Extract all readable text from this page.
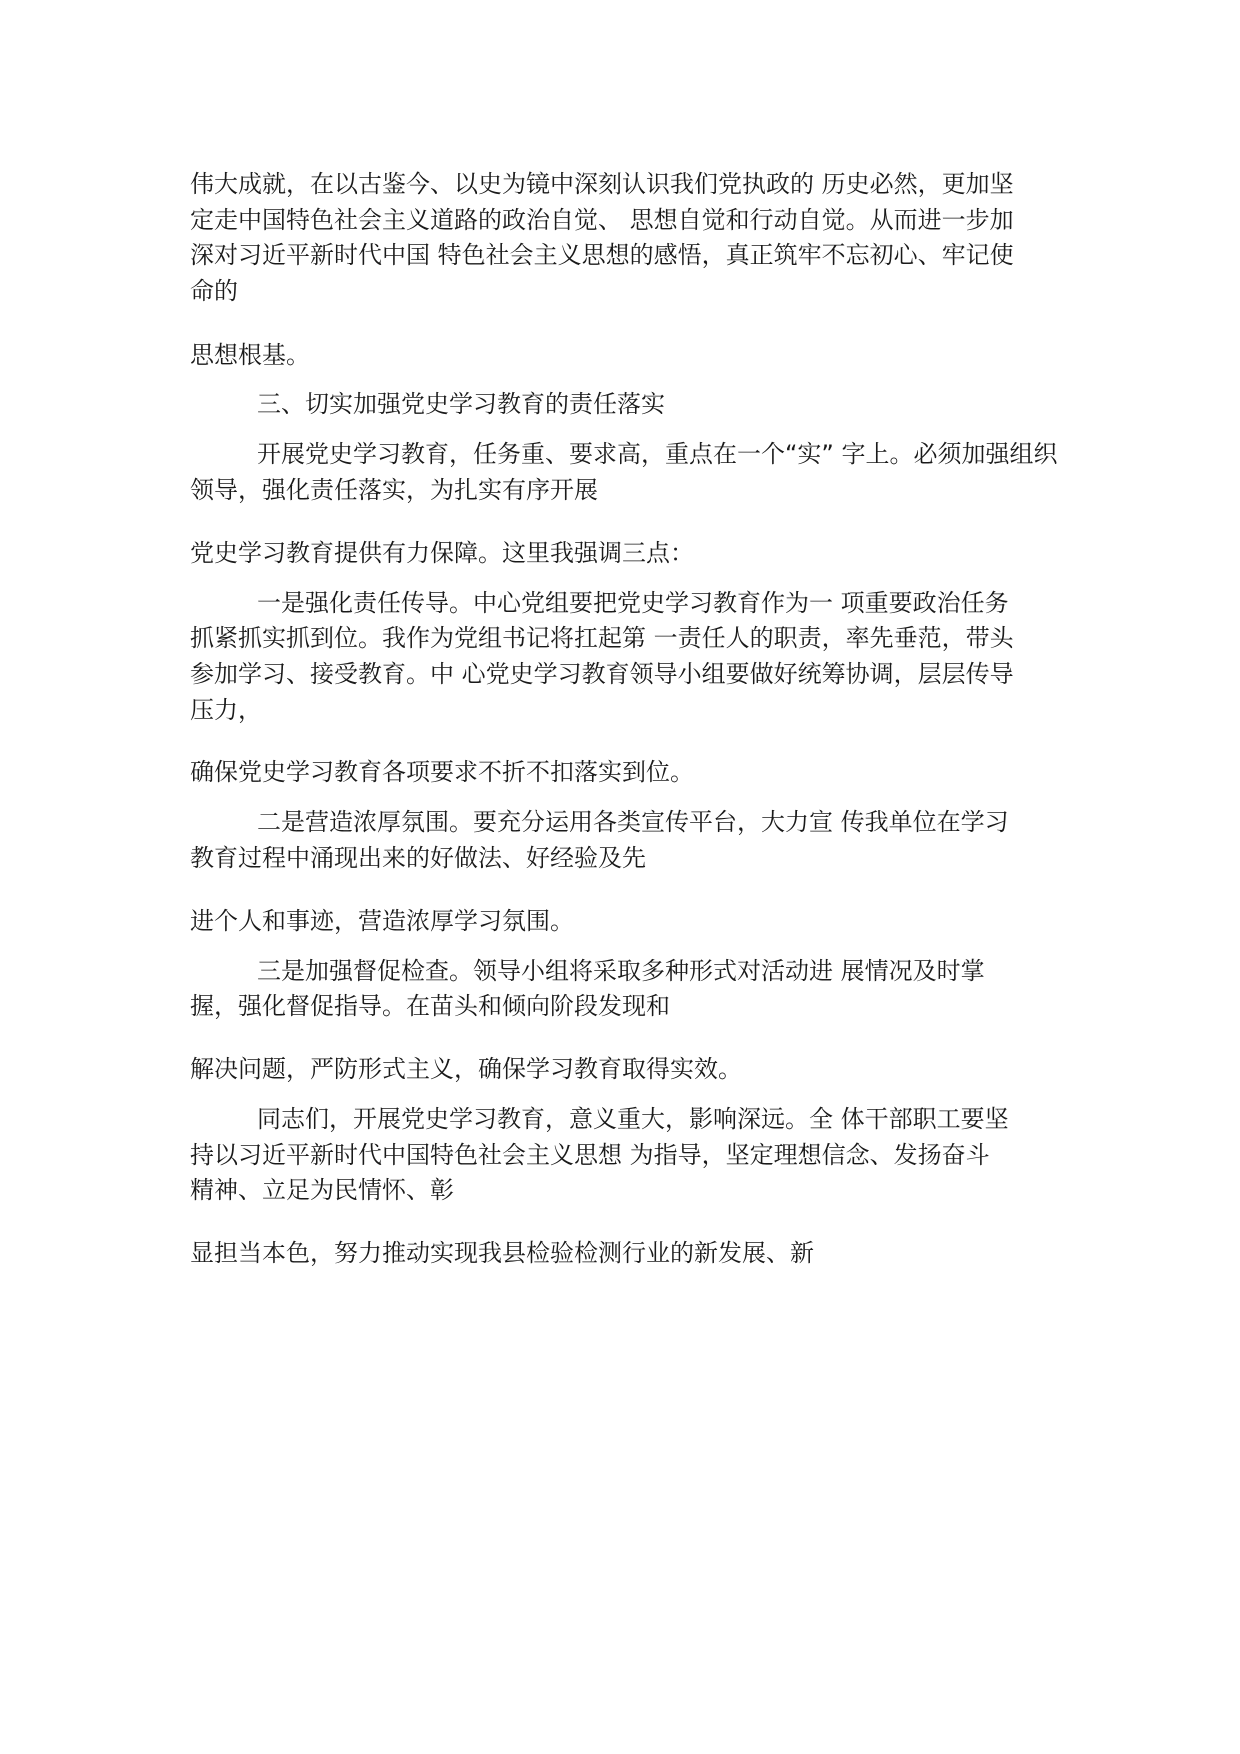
伟大成就，在以古鉴今、以史为镜中深刻认识我们党执政的 历史必然，更加坚

定走中国特色社会主义道路的政治自觉、 思想自觉和行动自觉。从而进一步加

深对习近平新时代中国 特色社会主义思想的感悟，真正筑牢不忘初心、牢记使

命的

思想根基。

三、切实加强党史学习教育的责任落实

开展党史学习教育，任务重、要求高，重点在一个“实” 字上。必须加强组织

领导，强化责任落实，为扎实有序开展

党史学习教育提供有力保障。这里我强调三点：

一是强化责任传导。中心党组要把党史学习教育作为一 项重要政治任务

抓紧抓实抓到位。我作为党组书记将扛起第 一责任人的职责，率先垂范，带头

参加学习、接受教育。中 心党史学习教育领导小组要做好统筹协调，层层传导

压力，

确保党史学习教育各项要求不折不扣落实到位。

二是营造浓厚氛围。要充分运用各类宣传平台，大力宣 传我单位在学习

教育过程中涌现出来的好做法、好经验及先

进个人和事迹，营造浓厚学习氛围。

三是加强督促检查。领导小组将采取多种形式对活动进 展情况及时掌

握，强化督促指导。在苗头和倾向阶段发现和

解决问题，严防形式主义，确保学习教育取得实效。

同志们，开展党史学习教育，意义重大，影响深远。全 体干部职工要坚

持以习近平新时代中国特色社会主义思想 为指导，坚定理想信念、发扬奋斗

精神、立足为民情怀、彰

显担当本色，努力推动实现我县检验检测行业的新发展、新
